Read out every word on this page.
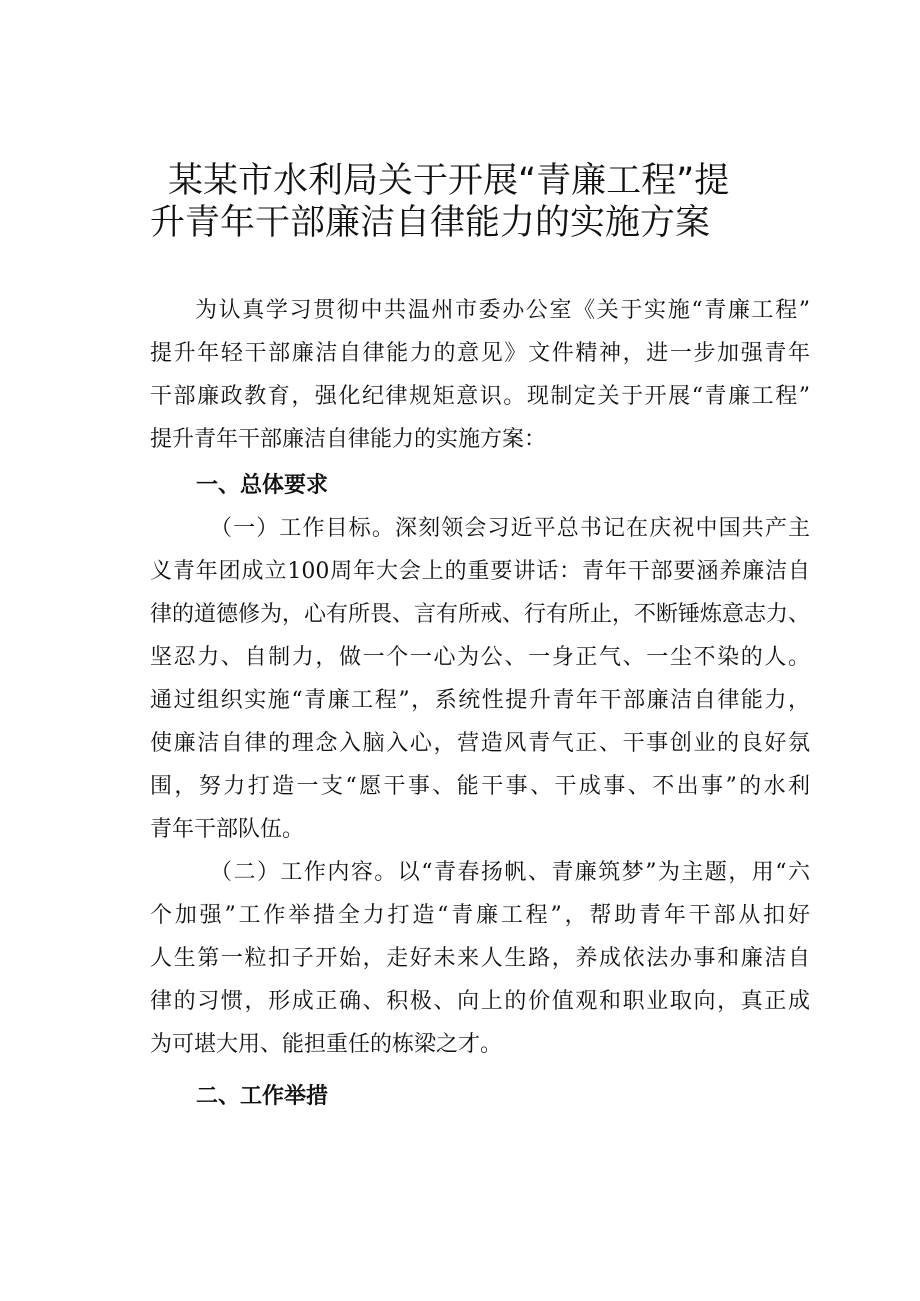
某某市水利局关于开展“青廉工程”提
升青年干部廉洁自律能力的实施方案
为认真学习贯彻中共温州市委办公室《关于实施“青廉工程”
提升年轻干部廉洁自律能力的意见》文件精神，进一步加强青年
干部廉政教育，强化纪律规矩意识。现制定关于开展“青廉工程”
提升青年干部廉洁自律能力的实施方案：
一、总体要求
（一）工作目标。深刻领会习近平总书记在庆祝中国共产主
义青年团成立100周年大会上的重要讲话：青年干部要涵养廉洁自
律的道德修为，心有所畏、言有所戒、行有所止，不断锤炼意志力、
坚忍力、自制力，做一个一心为公、一身正气、一尘不染的人。
通过组织实施“青廉工程”，系统性提升青年干部廉洁自律能力，
使廉洁自律的理念入脑入心，营造风青气正、干事创业的良好氛
围，努力打造一支“愿干事、能干事、干成事、不出事”的水利
青年干部队伍。
（二）工作内容。以“青春扬帆、青廉筑梦”为主题，用“六
个加强”工作举措全力打造“青廉工程”，帮助青年干部从扣好
人生第一粒扣子开始，走好未来人生路，养成依法办事和廉洁自
律的习惯，形成正确、积极、向上的价值观和职业取向，真正成
为可堪大用、能担重任的栋梁之才。
二、工作举措
